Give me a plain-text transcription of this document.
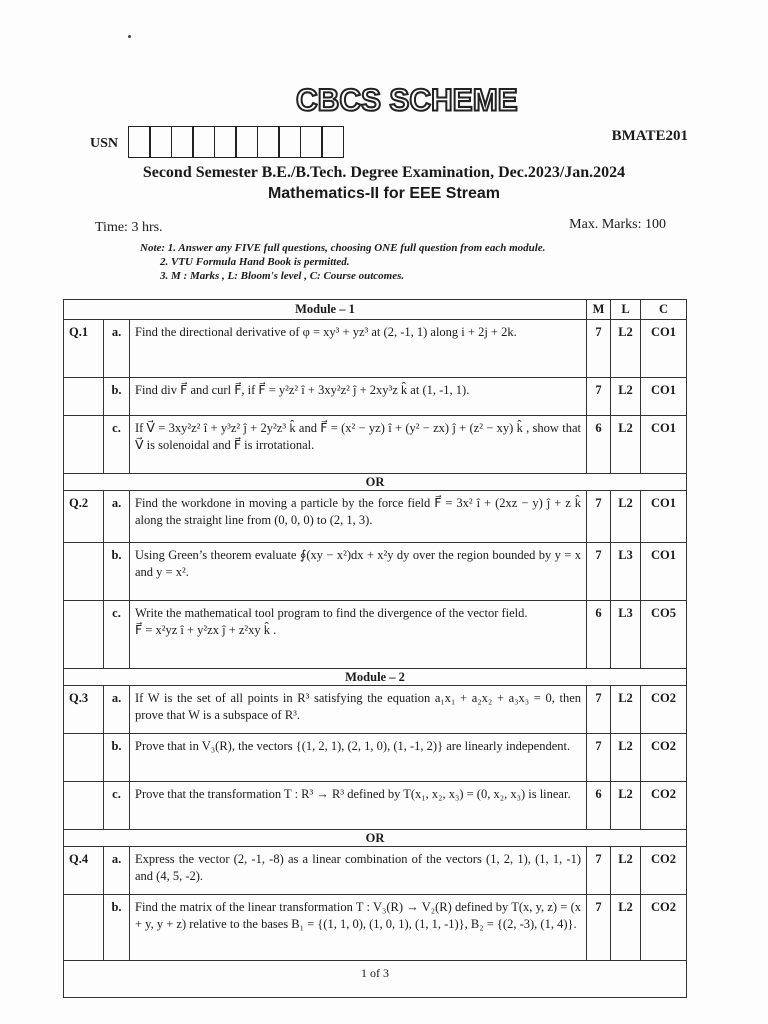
CBCS SCHEME
USN	BMATE201
Second Semester B.E./B.Tech. Degree Examination, Dec.2023/Jan.2024
Mathematics-II for EEE Stream
Time: 3 hrs.	Max. Marks: 100
Note: 1. Answer any FIVE full questions, choosing ONE full question from each module.
2. VTU Formula Hand Book is permitted.
3. M : Marks , L: Bloom's level , C: Course outcomes.
Module – 1			M	L	C
Q.1	a.	Find the directional derivative of φ = xy³ + yz³ at (2, -1, 1) along i + 2j + 2k.	7	L2	CO1
	b.	Find div F⃗ and curl F⃗, if F⃗ = y²z² î + 3xy²z² ĵ + 2xy³z k̂ at (1, -1, 1).	7	L2	CO1
	c.	If V⃗ = 3xy²z² î + y³z² ĵ + 2y²z³ k̂ and F⃗ = (x² − yz) î + (y² − zx) ĵ + (z² − xy) k̂ , show that V⃗ is solenoidal and F⃗ is irrotational.	6	L2	CO1
OR					
Q.2	a.	Find the workdone in moving a particle by the force field F⃗ = 3x² î + (2xz − y) ĵ + z k̂ along the straight line from (0, 0, 0) to (2, 1, 3).	7	L2	CO1
	b.	Using Green’s theorem evaluate ∮(xy − x²)dx + x²y dy over the region bounded by y = x and y = x².	7	L3	CO1
	c.	Write the mathematical tool program to find the divergence of the vector field.
F⃗ = x²yz î + y²zx ĵ + z²xy k̂ .	6	L3	CO5
Module – 2					
Q.3	a.	If W is the set of all points in R³ satisfying the equation a₁x₁ + a₂x₂ + a₃x₃ = 0, then prove that W is a subspace of R³.	7	L2	CO2
	b.	Prove that in V₃(R), the vectors {(1, 2, 1), (2, 1, 0), (1, -1, 2)} are linearly independent.	7	L2	CO2
	c.	Prove that the transformation T : R³ → R³ defined by T(x₁, x₂, x₃) = (0, x₂, x₃) is linear.	6	L2	CO2
OR					
Q.4	a.	Express the vector (2, -1, -8) as a linear combination of the vectors (1, 2, 1), (1, 1, -1) and (4, 5, -2).	7	L2	CO2
	b.	Find the matrix of the linear transformation T : V₃(R) → V₂(R) defined by T(x, y, z) = (x + y, y + z) relative to the bases B₁ = {(1, 1, 0), (1, 0, 1), (1, 1, -1)}, B₂ = {(2, -3), (1, 4)}.	7	L2	CO2
1 of 3					
